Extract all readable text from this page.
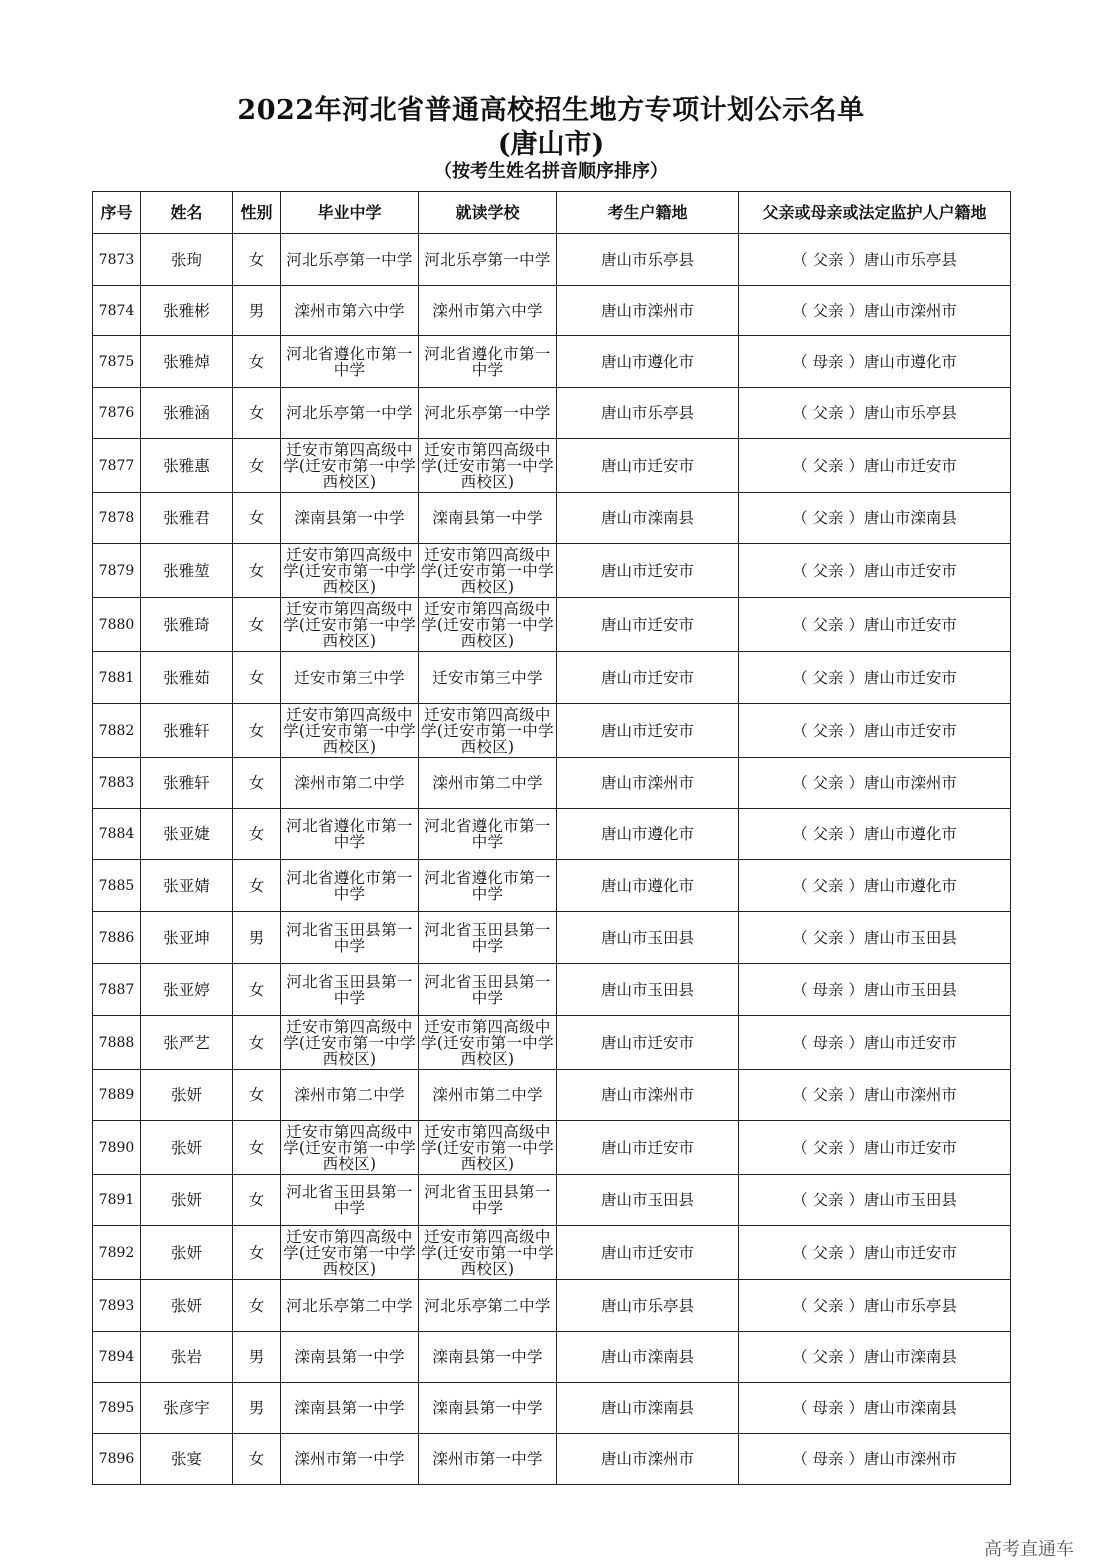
2022年河北省普通高校招生地方专项计划公示名单
(唐山市)
（按考生姓名拼音顺序排序）
序号	姓名	性别	毕业中学	就读学校	考生户籍地	父亲或母亲或法定监护人户籍地
7873	张珣	女	河北乐亭第一中学	河北乐亭第一中学	唐山市乐亭县	（ 父亲 ）唐山市乐亭县
7874	张雅彬	男	滦州市第六中学	滦州市第六中学	唐山市滦州市	（ 父亲 ）唐山市滦州市
7875	张雅焯	女	河北省遵化市第一中学	河北省遵化市第一中学	唐山市遵化市	（ 母亲 ）唐山市遵化市
7876	张雅涵	女	河北乐亭第一中学	河北乐亭第一中学	唐山市乐亭县	（ 父亲 ）唐山市乐亭县
7877	张雅惠	女	迁安市第四高级中学(迁安市第一中学西校区)	迁安市第四高级中学(迁安市第一中学西校区)	唐山市迁安市	（ 父亲 ）唐山市迁安市
7878	张雅君	女	滦南县第一中学	滦南县第一中学	唐山市滦南县	（ 父亲 ）唐山市滦南县
7879	张雅堃	女	迁安市第四高级中学(迁安市第一中学西校区)	迁安市第四高级中学(迁安市第一中学西校区)	唐山市迁安市	（ 父亲 ）唐山市迁安市
7880	张雅琦	女	迁安市第四高级中学(迁安市第一中学西校区)	迁安市第四高级中学(迁安市第一中学西校区)	唐山市迁安市	（ 父亲 ）唐山市迁安市
7881	张雅茹	女	迁安市第三中学	迁安市第三中学	唐山市迁安市	（ 父亲 ）唐山市迁安市
7882	张雅轩	女	迁安市第四高级中学(迁安市第一中学西校区)	迁安市第四高级中学(迁安市第一中学西校区)	唐山市迁安市	（ 父亲 ）唐山市迁安市
7883	张雅轩	女	滦州市第二中学	滦州市第二中学	唐山市滦州市	（ 父亲 ）唐山市滦州市
7884	张亚婕	女	河北省遵化市第一中学	河北省遵化市第一中学	唐山市遵化市	（ 父亲 ）唐山市遵化市
7885	张亚婧	女	河北省遵化市第一中学	河北省遵化市第一中学	唐山市遵化市	（ 父亲 ）唐山市遵化市
7886	张亚坤	男	河北省玉田县第一中学	河北省玉田县第一中学	唐山市玉田县	（ 父亲 ）唐山市玉田县
7887	张亚婷	女	河北省玉田县第一中学	河北省玉田县第一中学	唐山市玉田县	（ 母亲 ）唐山市玉田县
7888	张严艺	女	迁安市第四高级中学(迁安市第一中学西校区)	迁安市第四高级中学(迁安市第一中学西校区)	唐山市迁安市	（ 母亲 ）唐山市迁安市
7889	张妍	女	滦州市第二中学	滦州市第二中学	唐山市滦州市	（ 父亲 ）唐山市滦州市
7890	张妍	女	迁安市第四高级中学(迁安市第一中学西校区)	迁安市第四高级中学(迁安市第一中学西校区)	唐山市迁安市	（ 父亲 ）唐山市迁安市
7891	张妍	女	河北省玉田县第一中学	河北省玉田县第一中学	唐山市玉田县	（ 父亲 ）唐山市玉田县
7892	张妍	女	迁安市第四高级中学(迁安市第一中学西校区)	迁安市第四高级中学(迁安市第一中学西校区)	唐山市迁安市	（ 父亲 ）唐山市迁安市
7893	张妍	女	河北乐亭第二中学	河北乐亭第二中学	唐山市乐亭县	（ 父亲 ）唐山市乐亭县
7894	张岩	男	滦南县第一中学	滦南县第一中学	唐山市滦南县	（ 父亲 ）唐山市滦南县
7895	张彦宇	男	滦南县第一中学	滦南县第一中学	唐山市滦南县	（ 母亲 ）唐山市滦南县
7896	张宴	女	滦州市第一中学	滦州市第一中学	唐山市滦州市	（ 母亲 ）唐山市滦州市
高考直通车
